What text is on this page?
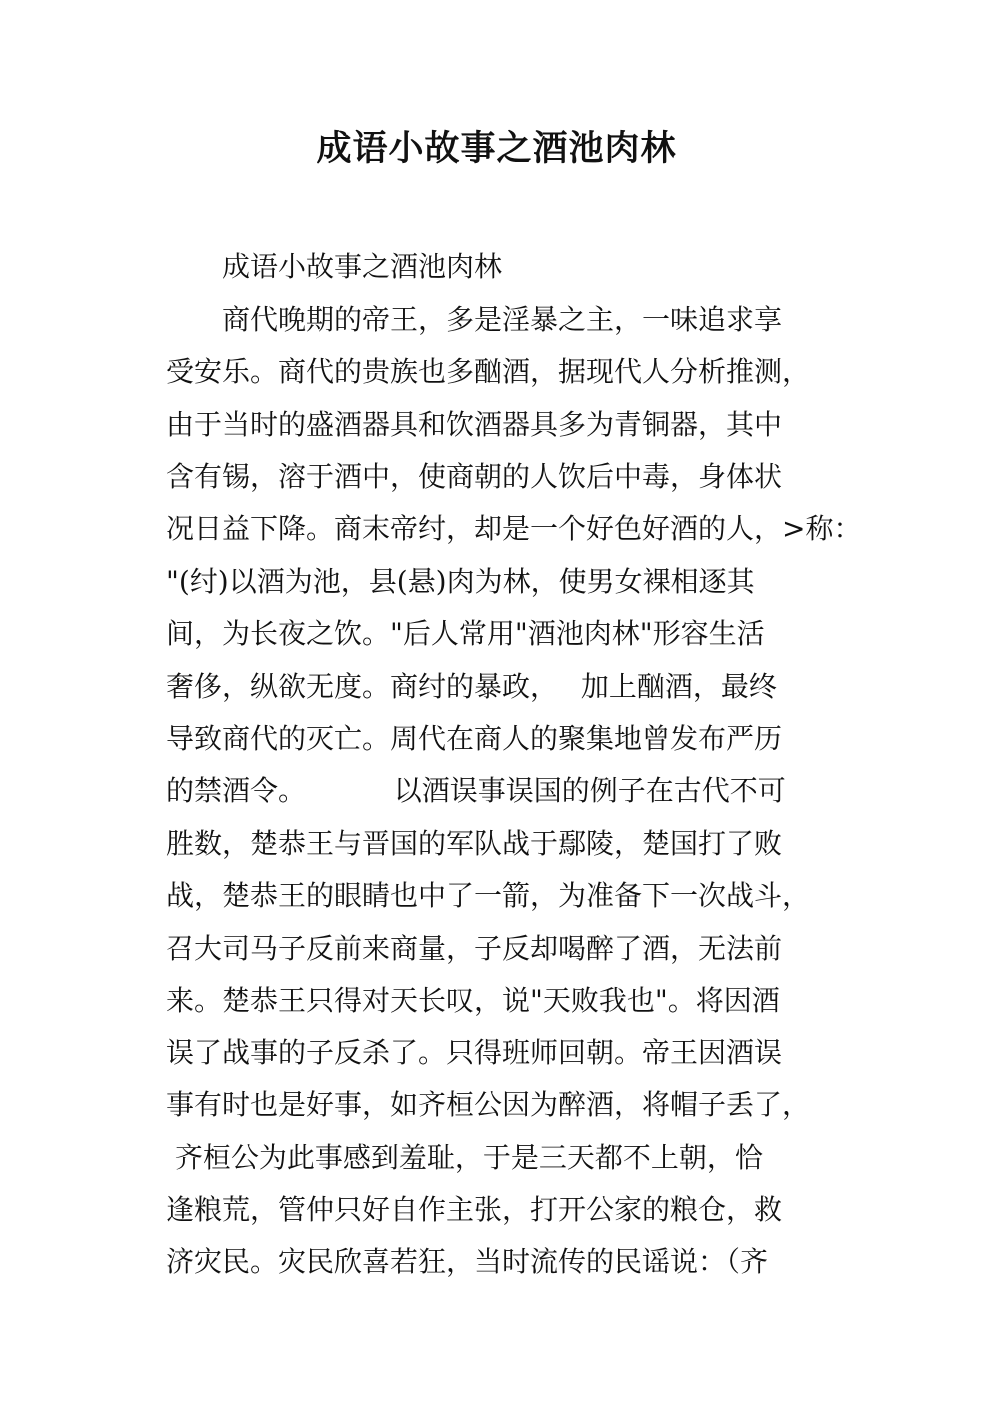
成语小故事之酒池肉林
　　成语小故事之酒池肉林
　　商代晚期的帝王，多是淫暴之主，一味追求享
受安乐。商代的贵族也多酗酒，据现代人分析推测，
由于当时的盛酒器具和饮酒器具多为青铜器，其中
含有锡，溶于酒中，使商朝的人饮后中毒，身体状
况日益下降。商末帝纣，却是一个好色好酒的人，>称：
"(纣)以酒为池，县(悬)肉为林，使男女裸相逐其
间，为长夜之饮。"后人常用"酒池肉林"形容生活
奢侈，纵欲无度。商纣的暴政，　 加上酗酒，最终
导致商代的灭亡。周代在商人的聚集地曾发布严历
的禁酒令。　　 　 以酒误事误国的例子在古代不可
胜数，楚恭王与晋国的军队战于鄢陵，楚国打了败
战，楚恭王的眼睛也中了一箭，为准备下一次战斗，
召大司马子反前来商量，子反却喝醉了酒，无法前
来。楚恭王只得对天长叹，说"天败我也"。将因酒
误了战事的子反杀了。只得班师回朝。帝王因酒误
事有时也是好事，如齐桓公因为醉酒，将帽子丢了，
齐桓公为此事感到羞耻，于是三天都不上朝，恰
逢粮荒，管仲只好自作主张，打开公家的粮仓，救
济灾民。灾民欣喜若狂，当时流传的民谣说：（齐
